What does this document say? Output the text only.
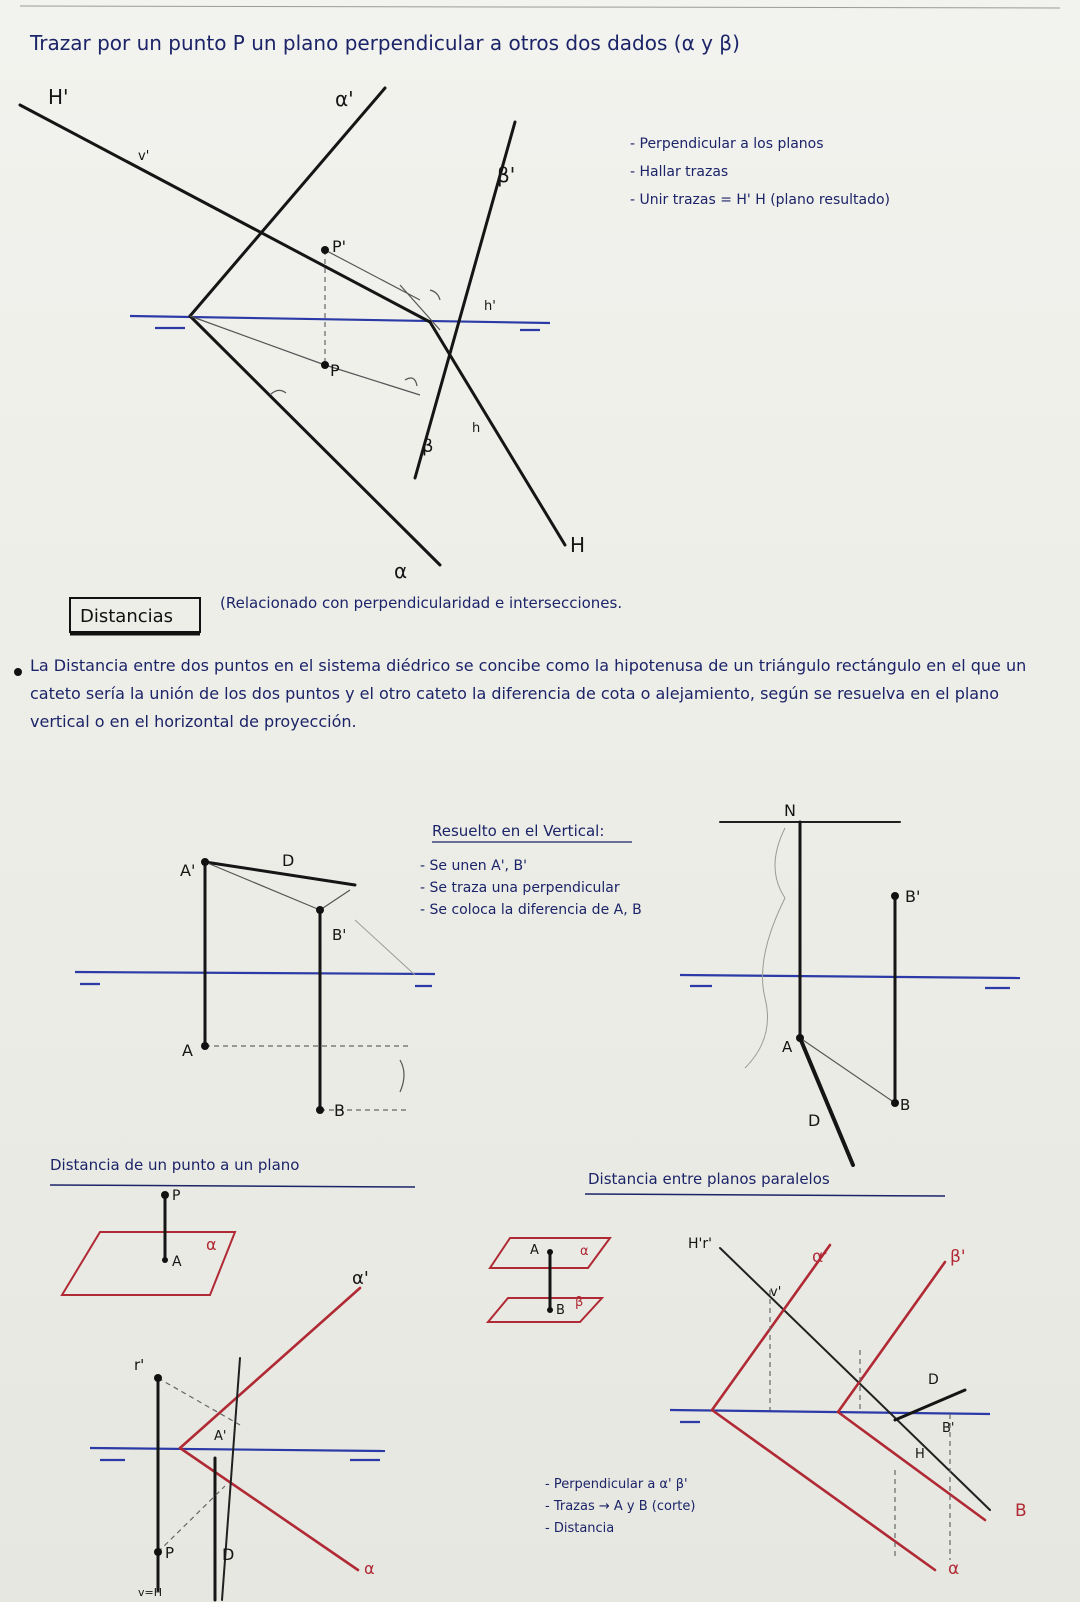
Trazar por un punto P un plano perpendicular a otros dos dados (α y β)
H'	α'
β'
v'
P'
P
β
h'
h
H
α
- Perpendicular a los planos
- Hallar trazas
- Unir trazas = H' H (plano resultado)
Distancias
(Relacionado con perpendicularidad e intersecciones.
La Distancia entre dos puntos en el sistema diédrico se concibe como la hipotenusa de un triángulo rectángulo en el que un cateto sería la unión de los dos puntos y el otro cateto la diferencia de cota o alejamiento, según se resuelva en el plano vertical o en el horizontal de proyección.
A'
D
B'
A
B
Resuelto en el Vertical:
- Se unen A', B'
- Se traza una perpendicular
- Se coloca la diferencia de A, B
N
B'
A
D
B
Distancia de un punto a un plano
P
A
α
r'
α'
A'
D
P
α
v=H
Distancia entre planos paralelos
A	α
B
β
H'r'
α'	β'
v'
D
B'
H
B
α
- Perpendicular a α' β'
- Trazas → A y B (corte)
- Distancia
